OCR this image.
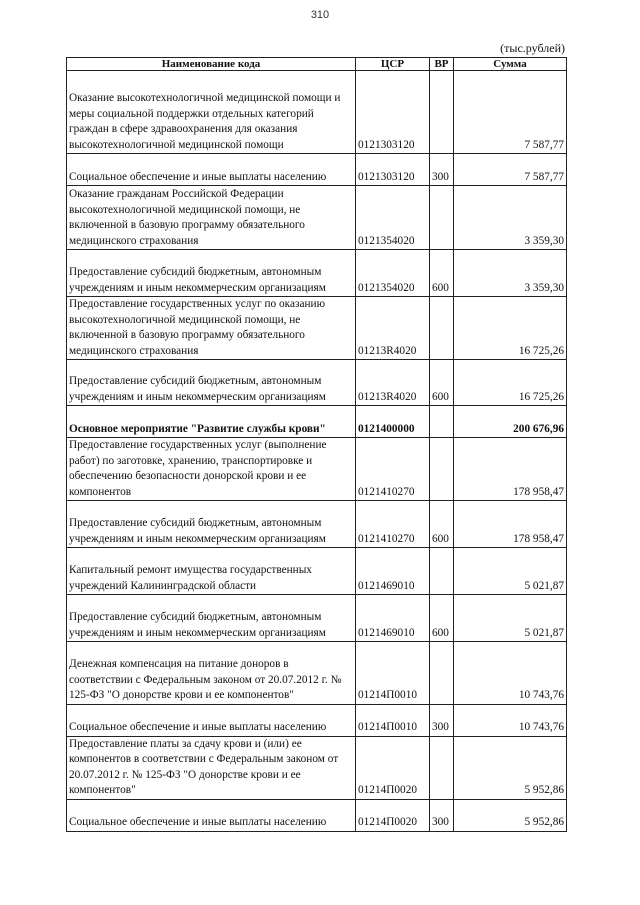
310
(тыс.рублей)
Наименование кода	ЦСР	ВР	Сумма
Оказание высокотехнологичной медицинской помощи и меры социальной поддержки отдельных категорий граждан в сфере здравоохранения для оказания высокотехнологичной медицинской помощи	0121303120		7 587,77
Социальное обеспечение и иные выплаты населению	0121303120	300	7 587,77
Оказание гражданам Российской Федерации высокотехнологичной медицинской помощи, не включенной в базовую программу обязательного медицинского страхования	0121354020		3 359,30
Предоставление субсидий бюджетным, автономным учреждениям и иным некоммерческим организациям	0121354020	600	3 359,30
Предоставление государственных услуг по оказанию высокотехнологичной медицинской помощи, не включенной в базовую программу обязательного медицинского страхования	01213R4020		16 725,26
Предоставление субсидий бюджетным, автономным учреждениям и иным некоммерческим организациям	01213R4020	600	16 725,26
Основное мероприятие "Развитие службы крови"	0121400000		200 676,96
Предоставление государственных услуг (выполнение работ) по заготовке, хранению, транспортировке и обеспечению безопасности донорской крови и ее компонентов	0121410270		178 958,47
Предоставление субсидий бюджетным, автономным учреждениям и иным некоммерческим организациям	0121410270	600	178 958,47

Капитальный ремонт имущества государственных учреждений Калининградской области	0121469010		5 021,87
Предоставление субсидий бюджетным, автономным учреждениям и иным некоммерческим организациям	0121469010	600	5 021,87

Денежная компенсация на питание доноров в соответствии с Федеральным законом от 20.07.2012 г. № 125-ФЗ "О донорстве крови и ее компонентов"	01214П0010		10 743,76
Социальное обеспечение и иные выплаты населению	01214П0010	300	10 743,76
Предоставление платы за сдачу крови и (или) ее компонентов в соответствии с Федеральным законом от 20.07.2012 г. № 125-ФЗ "О донорстве крови и ее компонентов"	01214П0020		5 952,86
Социальное обеспечение и иные выплаты населению	01214П0020	300	5 952,86
